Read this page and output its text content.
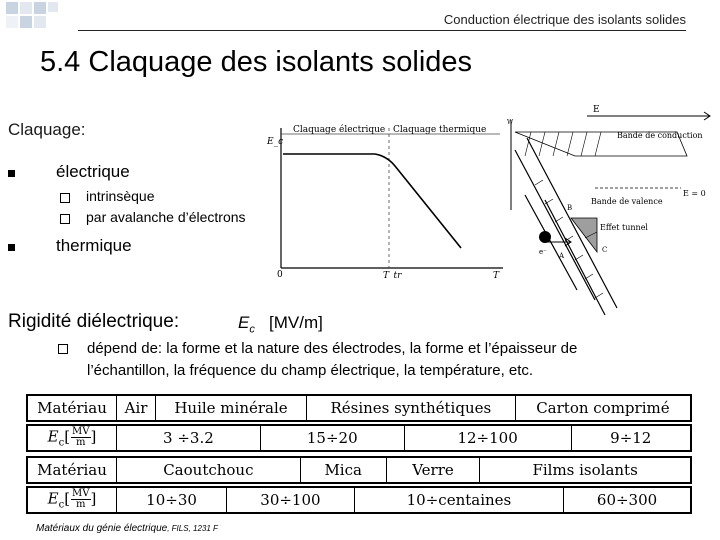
Conduction électrique des isolants solides
5.4 Claquage des isolants solides
Claquage:
électrique
intrinsèque
par avalanche d’électrons
thermique
E_c
Claquage électrique Claquage thermique
0	T_tr	T
E
W
Bande de conduction
E = 0
Bande de valence
e⁻
B
A
C
Effet tunnel
Rigidité diélectrique:	$E_c$ [MV/m]
dépend de: la forme et la nature des électrodes, la forme et l’épaisseur de
l’échantillon, la fréquence du champ électrique, la température, etc.
Matériau	Air	Huile minérale	Résines synthétiques	Carton comprimé
$E_c[ \frac{MV}{m}$ ]	3 ÷3.2	15÷20	12÷100	9÷12
Matériau	Caoutchouc	Mica	Verre	Films isolants
$E_c[ \frac{MV}{m}$ ]	10÷30	30÷100	10÷centaines	60÷300
Matériaux du génie électrique, FILS, 1231 F
